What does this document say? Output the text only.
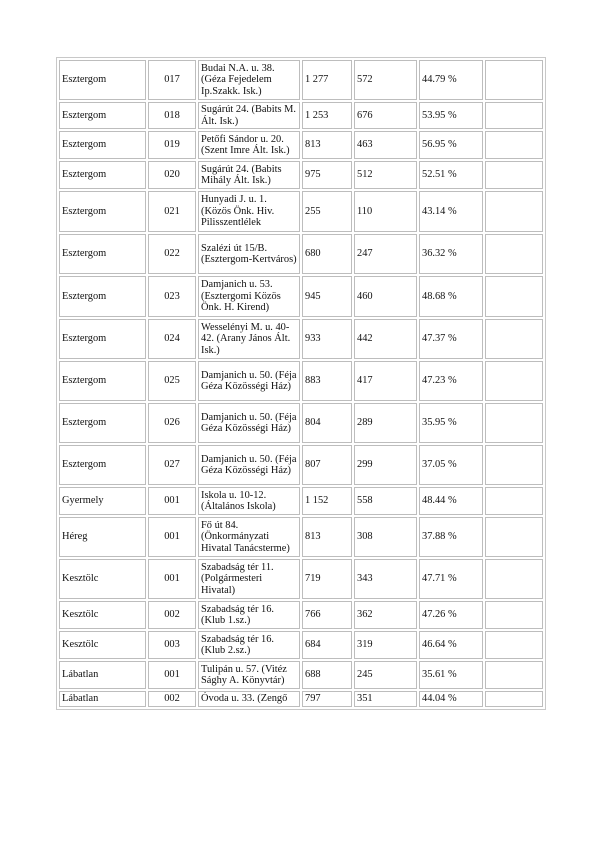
Esztergom	017	Budai N.A. u. 38. (Géza Fejedelem Ip.Szakk. Isk.)	1 277	572	44.79 %	
Esztergom	018	Sugárút 24. (Babits M. Ált. Isk.)	1 253	676	53.95 %	
Esztergom	019	Petőfi Sándor u. 20. (Szent Imre Ált. Isk.)	813	463	56.95 %	
Esztergom	020	Sugárút 24. (Babits Mihály Ált. Isk.)	975	512	52.51 %	
Esztergom	021	Hunyadi J. u. 1. (Közös Önk. Hiv. Pilisszentlélek	255	110	43.14 %	
Esztergom	022	Szalézi út 15/B. (Esztergom-Kertváros)	680	247	36.32 %	
Esztergom	023	Damjanich u. 53. (Esztergomi Közös Önk. H. Kirend)	945	460	48.68 %	
Esztergom	024	Wesselényi M. u. 40-42. (Arany János Ált. Isk.)	933	442	47.37 %	
Esztergom	025	Damjanich u. 50. (Féja Géza Közösségi Ház)	883	417	47.23 %	
Esztergom	026	Damjanich u. 50. (Féja Géza Közösségi Ház)	804	289	35.95 %	
Esztergom	027	Damjanich u. 50. (Féja Géza Közösségi Ház)	807	299	37.05 %	
Gyermely	001	Iskola u. 10-12. (Általános Iskola)	1 152	558	48.44 %	
Héreg	001	Fő út 84. (Önkormányzati Hivatal Tanácsterme)	813	308	37.88 %	
Kesztölc	001	Szabadság tér 11. (Polgármesteri Hivatal)	719	343	47.71 %	
Kesztölc	002	Szabadság tér 16. (Klub 1.sz.)	766	362	47.26 %	
Kesztölc	003	Szabadság tér 16. (Klub 2.sz.)	684	319	46.64 %	
Lábatlan	001	Tulipán u. 57. (Vitéz Sághy A. Könyvtár)	688	245	35.61 %	
Lábatlan	002	Óvoda u. 33. (Zengő	797	351	44.04 %	
